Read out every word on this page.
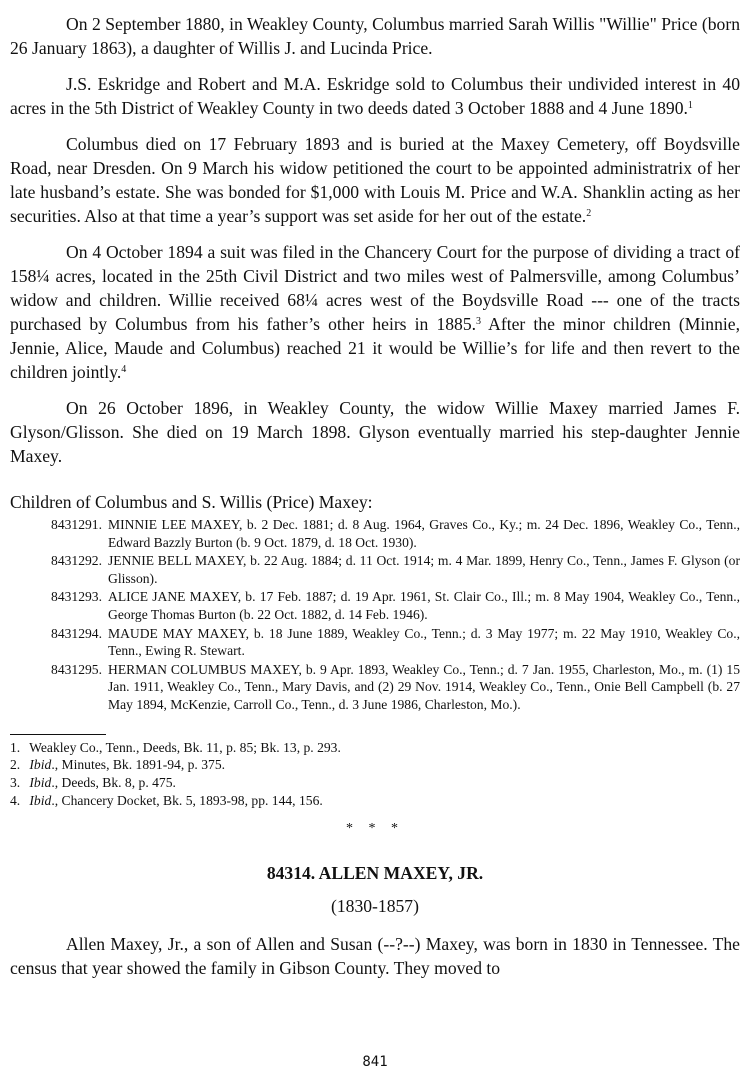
On 2 September 1880, in Weakley County, Columbus married Sarah Willis "Willie" Price (born 26 January 1863), a daughter of Willis J. and Lucinda Price.

J.S. Eskridge and Robert and M.A. Eskridge sold to Columbus their undivided interest in 40 acres in the 5th District of Weakley County in two deeds dated 3 October 1888 and 4 June 1890.$^1$

Columbus died on 17 February 1893 and is buried at the Maxey Cemetery, off Boydsville Road, near Dresden. On 9 March his widow petitioned the court to be appointed administratrix of her late husband’s estate. She was bonded for $1,000 with Louis M. Price and W.A. Shanklin acting as her securities. Also at that time a year’s support was set aside for her out of the estate.$^2$

On 4 October 1894 a suit was filed in the Chancery Court for the purpose of dividing a tract of 158¼ acres, located in the 25th Civil District and two miles west of Palmersville, among Columbus’ widow and children. Willie received 68¼ acres west of the Boydsville Road --- one of the tracts purchased by Columbus from his father’s other heirs in 1885.$^3$ After the minor children (Minnie, Jennie, Alice, Maude and Columbus) reached 21 it would be Willie’s for life and then revert to the children jointly.$^4$

On 26 October 1896, in Weakley County, the widow Willie Maxey married James F. Glyson/Glisson. She died on 19 March 1898. Glyson eventually married his step-daughter Jennie Maxey.

Children of Columbus and S. Willis (Price) Maxey:
8431291. MINNIE LEE MAXEY, b. 2 Dec. 1881; d. 8 Aug. 1964, Graves Co., Ky.; m. 24 Dec. 1896, Weakley Co., Tenn., Edward Bazzly Burton (b. 9 Oct. 1879, d. 18 Oct. 1930).
8431292. JENNIE BELL MAXEY, b. 22 Aug. 1884; d. 11 Oct. 1914; m. 4 Mar. 1899, Henry Co., Tenn., James F. Glyson (or Glisson).
8431293. ALICE JANE MAXEY, b. 17 Feb. 1887; d. 19 Apr. 1961, St. Clair Co., Ill.; m. 8 May 1904, Weakley Co., Tenn., George Thomas Burton (b. 22 Oct. 1882, d. 14 Feb. 1946).
8431294. MAUDE MAY MAXEY, b. 18 June 1889, Weakley Co., Tenn.; d. 3 May 1977; m. 22 May 1910, Weakley Co., Tenn., Ewing R. Stewart.
8431295. HERMAN COLUMBUS MAXEY, b. 9 Apr. 1893, Weakley Co., Tenn.; d. 7 Jan. 1955, Charleston, Mo., m. (1) 15 Jan. 1911, Weakley Co., Tenn., Mary Davis, and (2) 29 Nov. 1914, Weakley Co., Tenn., Onie Bell Campbell (b. 27 May 1894, McKenzie, Carroll Co., Tenn., d. 3 June 1986, Charleston, Mo.).

1. Weakley Co., Tenn., Deeds, Bk. 11, p. 85; Bk. 13, p. 293.

2. Ibid., Minutes, Bk. 1891-94, p. 375.

3. Ibid., Deeds, Bk. 8, p. 475.

4. Ibid., Chancery Docket, Bk. 5, 1893-98, pp. 144, 156.

* * *
84314. ALLEN MAXEY, JR.
(1830-1857)

Allen Maxey, Jr., a son of Allen and Susan (--?--) Maxey, was born in 1830 in Tennessee. The census that year showed the family in Gibson County. They moved to

841
